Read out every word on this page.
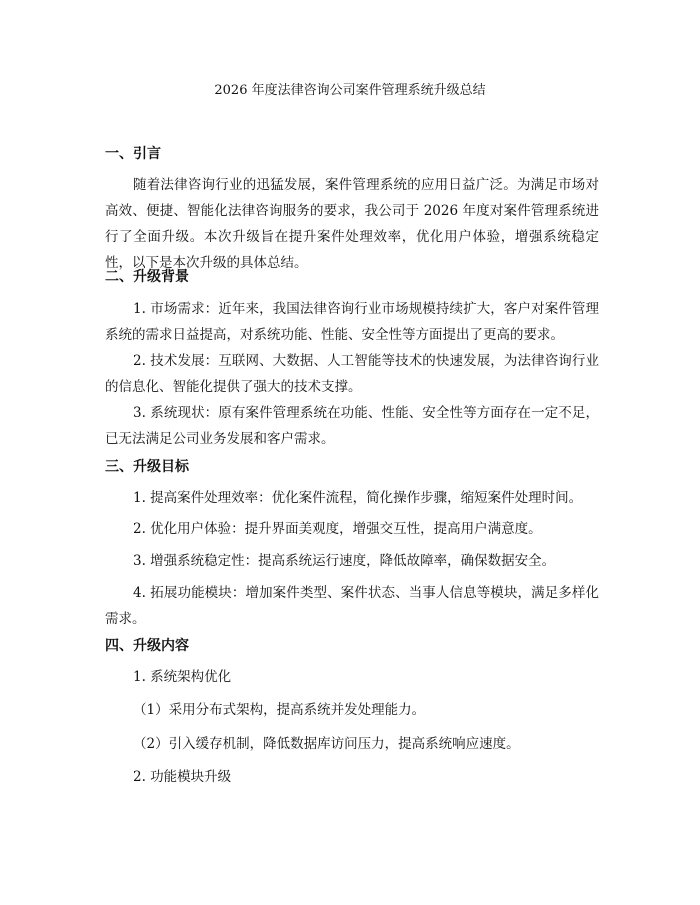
2026 年度法律咨询公司案件管理系统升级总结
一、引言
随着法律咨询行业的迅猛发展，案件管理系统的应用日益广泛。为满足市场对高效、便捷、智能化法律咨询服务的要求，我公司于 2026 年度对案件管理系统进行了全面升级。本次升级旨在提升案件处理效率，优化用户体验，增强系统稳定性，以下是本次升级的具体总结。
二、升级背景
1. 市场需求：近年来，我国法律咨询行业市场规模持续扩大，客户对案件管理系统的需求日益提高，对系统功能、性能、安全性等方面提出了更高的要求。
2. 技术发展：互联网、大数据、人工智能等技术的快速发展，为法律咨询行业的信息化、智能化提供了强大的技术支撑。
3. 系统现状：原有案件管理系统在功能、性能、安全性等方面存在一定不足，已无法满足公司业务发展和客户需求。
三、升级目标
1. 提高案件处理效率：优化案件流程，简化操作步骤，缩短案件处理时间。
2. 优化用户体验：提升界面美观度，增强交互性，提高用户满意度。
3. 增强系统稳定性：提高系统运行速度，降低故障率，确保数据安全。
4. 拓展功能模块：增加案件类型、案件状态、当事人信息等模块，满足多样化需求。
四、升级内容
1. 系统架构优化
（1）采用分布式架构，提高系统并发处理能力。
（2）引入缓存机制，降低数据库访问压力，提高系统响应速度。
2. 功能模块升级
